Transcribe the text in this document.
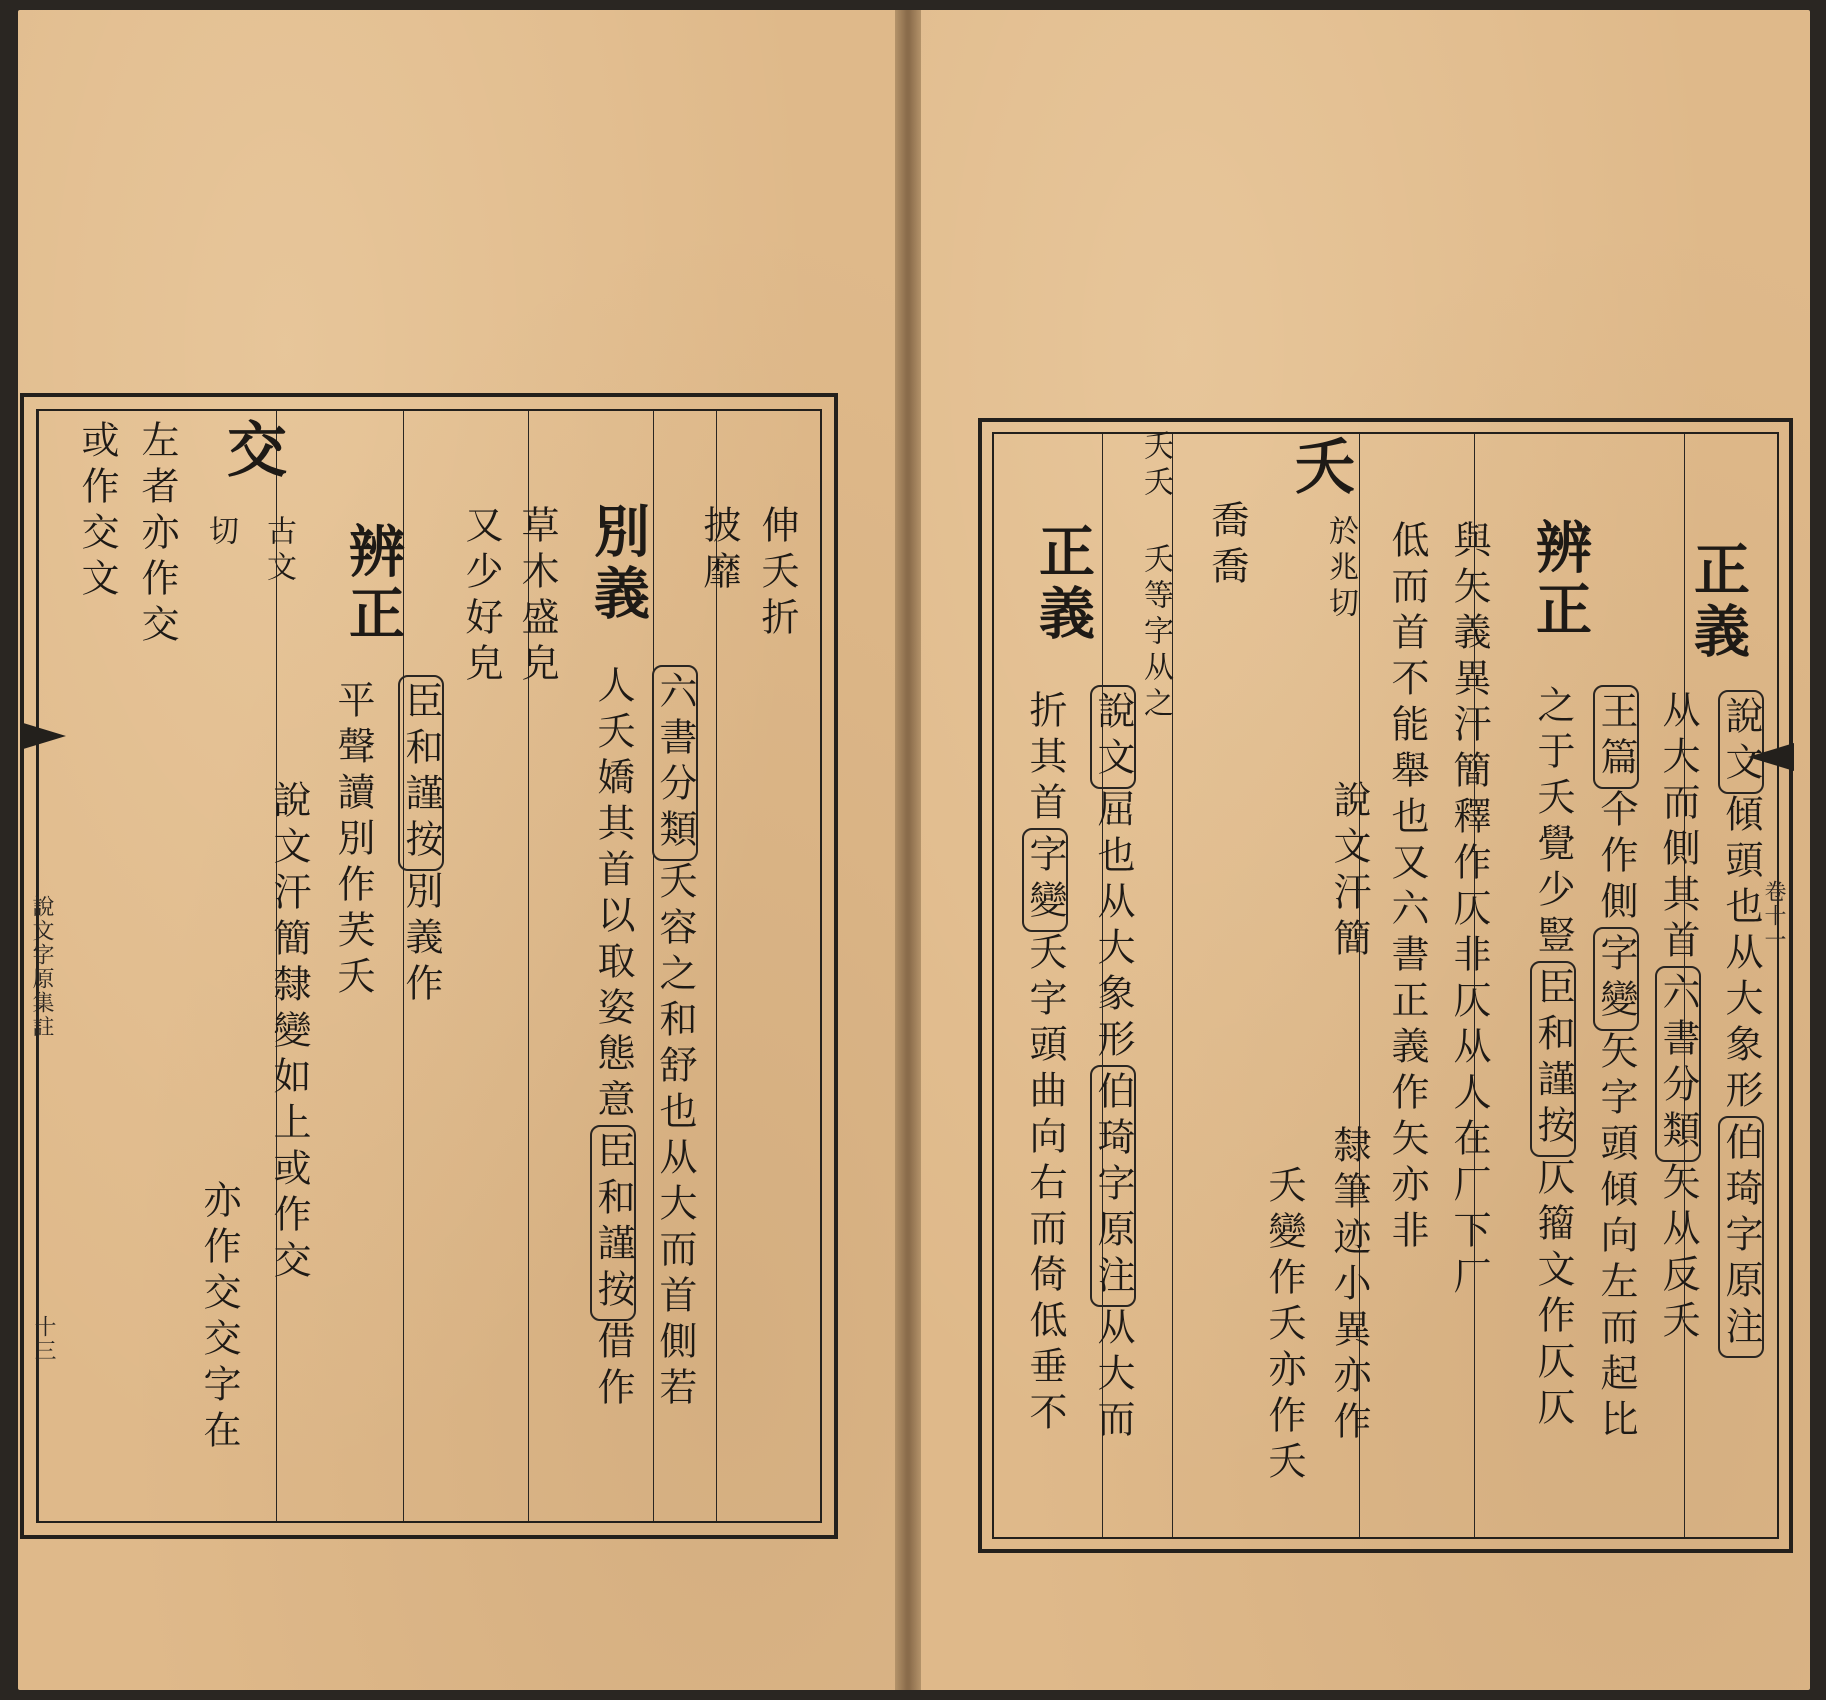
伸夭折
披靡
別義
六書分類夭容之和舒也从大而首側若
人夭嬌其首以取姿態意臣和謹按借作
草木盛皃
又少好皃
辨正
臣和謹按別義作
平聲讀別作芺夭
交
古文
切
說文汗簡隸變如上或作交
亦作交交字在
左者亦作交
或作交文
說文字原集註
十三
正義
說文傾頭也从大象形伯琦字原注
从大而側其首六書分類矢从反夭
辨正
王篇仐作側字變矢字頭傾向左而起比
之于夭覺少豎臣和謹按仄籀文作仄仄
與矢義異汗簡釋作仄非仄从人在厂下厂
低而首不能舉也又六書正義作矢亦非
夭
於兆切
說文汗簡
隸筆迹小異亦作
夭變作夭亦作夭
喬喬
夭夭 夭等字从之
正義
說文屈也从大象形伯琦字原注从大而
折其首字變夭字頭曲向右而倚低垂不
卷十一
